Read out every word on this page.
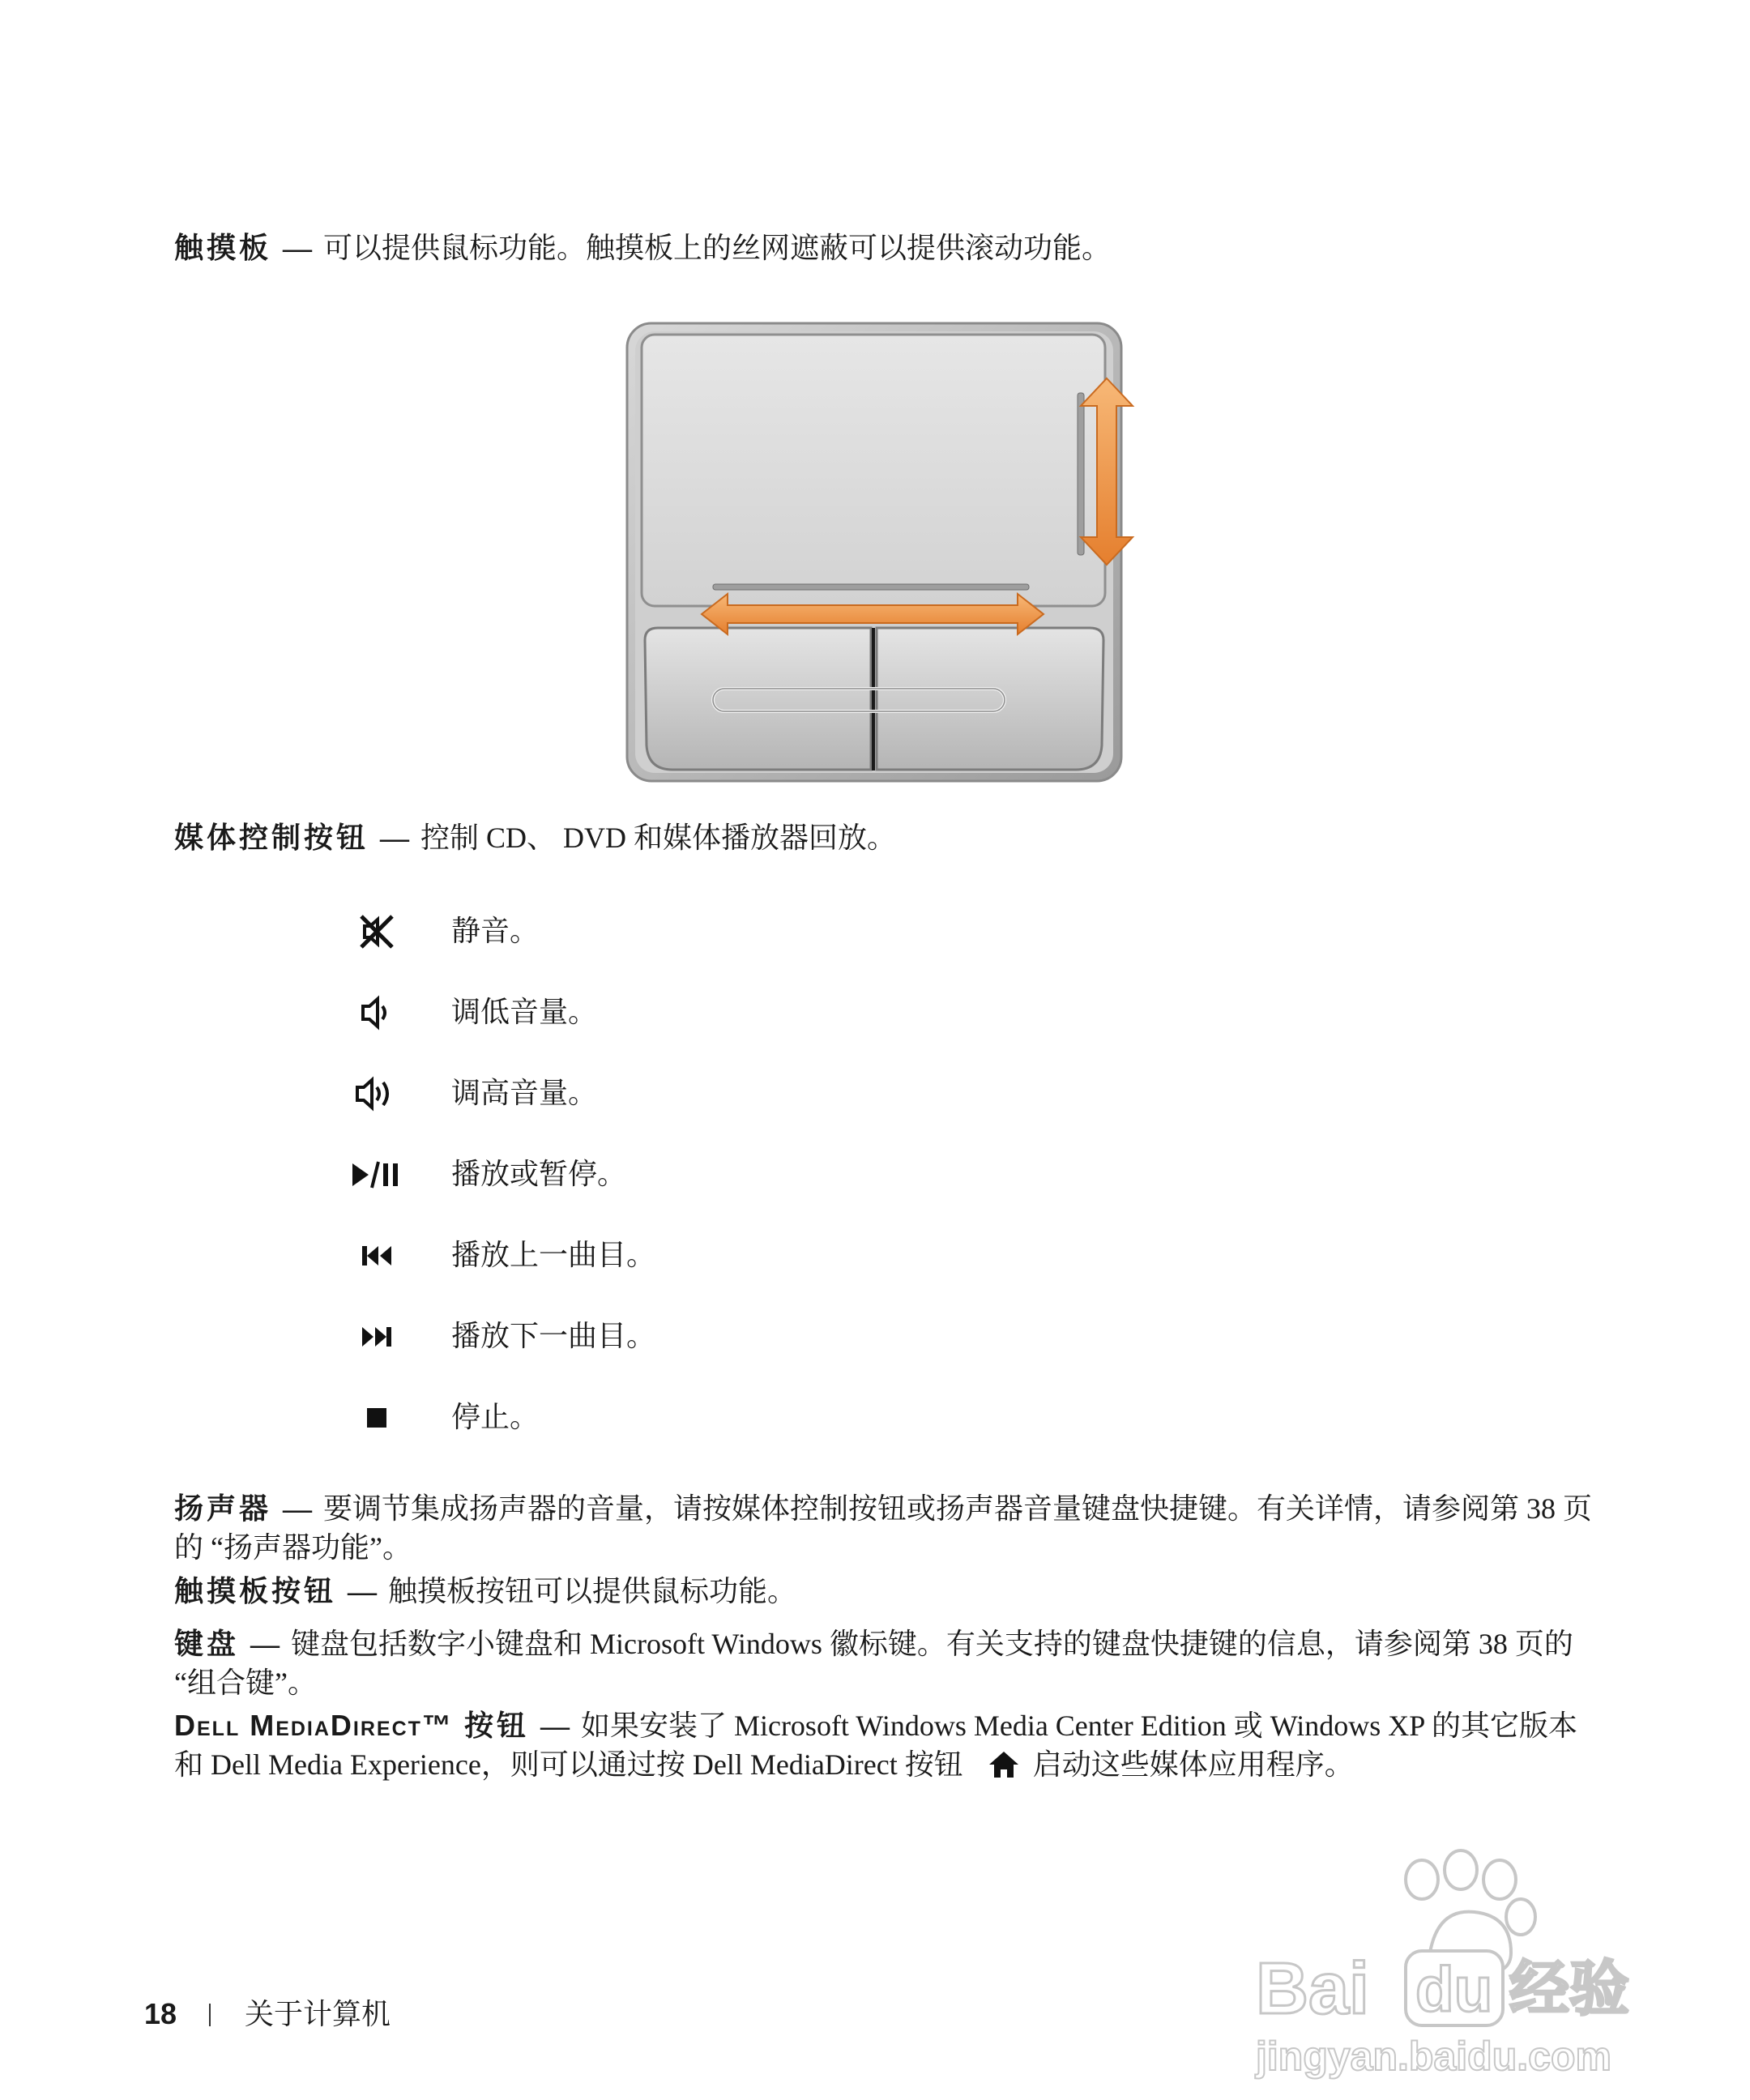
触摸板 — 可以提供鼠标功能。触摸板上的丝网遮蔽可以提供滚动功能。
媒体控制按钮 — 控制 CD、 DVD 和媒体播放器回放。
静音。
调低音量。
调高音量。
播放或暂停。
播放上一曲目。
播放下一曲目。
停止。
扬声器 — 要调节集成扬声器的音量，请按媒体控制按钮或扬声器音量键盘快捷键。有关详情，请参阅第 38 页的 “扬声器功能”。
触摸板按钮 — 触摸板按钮可以提供鼠标功能。
键盘 — 键盘包括数字小键盘和 Microsoft Windows 徽标键。有关支持的键盘快捷键的信息，请参阅第 38 页的 “组合键”。
Dell MediaDirect™ 按钮 — 如果安装了 Microsoft Windows Media Center Edition 或 Windows XP 的其它版本和 Dell Media Experience，则可以通过按 Dell MediaDirect 按钮 启动这些媒体应用程序。
18 关于计算机	Bai du 经验
jingyan.baidu.com
